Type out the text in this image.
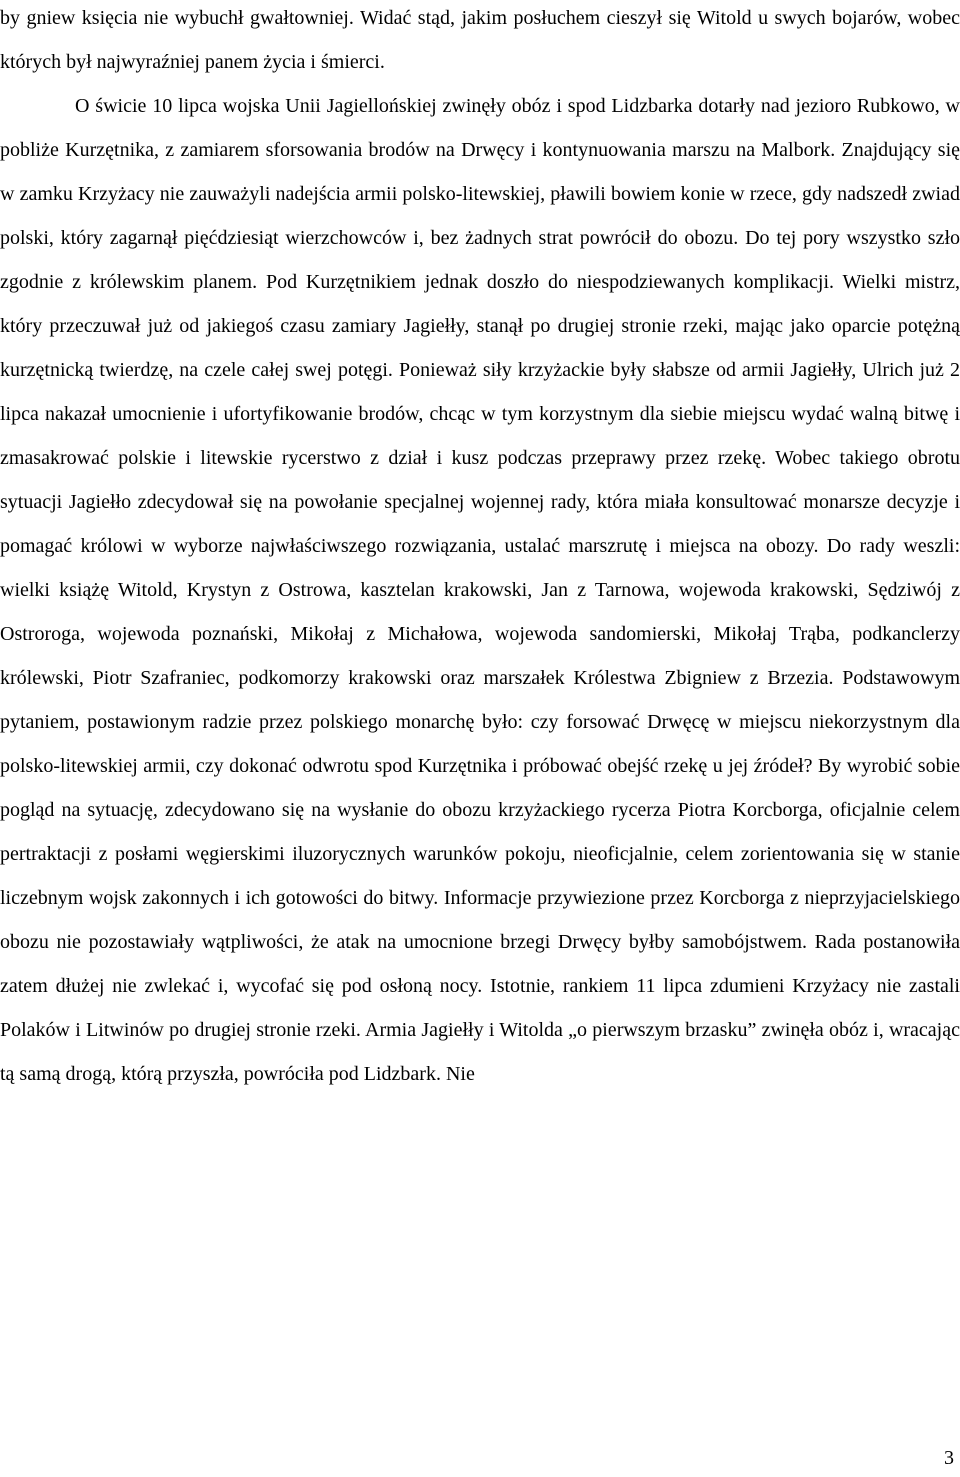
by gniew księcia nie wybuchł gwałtowniej. Widać stąd, jakim posłuchem cieszył się Witold u swych bojarów, wobec których był najwyraźniej panem życia i śmierci.

O świcie 10 lipca wojska Unii Jagiellońskiej zwinęły obóz i spod Lidzbarka dotarły nad jezioro Rubkowo, w pobliże Kurzętnika, z zamiarem sforsowania brodów na Drwęcy i kontynuowania marszu na Malbork. Znajdujący się w zamku Krzyżacy nie zauważyli nadejścia armii polsko-litewskiej, pławili bowiem konie w rzece, gdy nadszedł zwiad polski, który zagarnął pięćdziesiąt wierzchowców i, bez żadnych strat powrócił do obozu. Do tej pory wszystko szło zgodnie z królewskim planem. Pod Kurzętnikiem jednak doszło do niespodziewanych komplikacji. Wielki mistrz, który przeczuwał już od jakiegoś czasu zamiary Jagiełły, stanął po drugiej stronie rzeki, mając jako oparcie potężną kurzętnicką twierdzę, na czele całej swej potęgi. Ponieważ siły krzyżackie były słabsze od armii Jagiełły, Ulrich już 2 lipca nakazał umocnienie i ufortyfikowanie brodów, chcąc w tym korzystnym dla siebie miejscu wydać walną bitwę i zmasakrować polskie i litewskie rycerstwo z dział i kusz podczas przeprawy przez rzekę. Wobec takiego obrotu sytuacji Jagiełło zdecydował się na powołanie specjalnej wojennej rady, która miała konsultować monarsze decyzje i pomagać królowi w wyborze najwłaściwszego rozwiązania, ustalać marszrutę i miejsca na obozy. Do rady weszli: wielki książę Witold, Krystyn z Ostrowa, kasztelan krakowski, Jan z Tarnowa, wojewoda krakowski, Sędziwój z Ostroroga, wojewoda poznański, Mikołaj z Michałowa, wojewoda sandomierski, Mikołaj Trąba, podkanclerzy królewski, Piotr Szafraniec, podkomorzy krakowski oraz marszałek Królestwa Zbigniew z Brzezia. Podstawowym pytaniem, postawionym radzie przez polskiego monarchę było: czy forsować Drwęcę w miejscu niekorzystnym dla polsko-litewskiej armii, czy dokonać odwrotu spod Kurzętnika i próbować obejść rzekę u jej źródeł? By wyrobić sobie pogląd na sytuację, zdecydowano się na wysłanie do obozu krzyżackiego rycerza Piotra Korcborga, oficjalnie celem pertraktacji z posłami węgierskimi iluzorycznych warunków pokoju, nieoficjalnie, celem zorientowania się w stanie liczebnym wojsk zakonnych i ich gotowości do bitwy. Informacje przywiezione przez Korcborga z nieprzyjacielskiego obozu nie pozostawiały wątpliwości, że atak na umocnione brzegi Drwęcy byłby samobójstwem. Rada postanowiła zatem dłużej nie zwlekać i, wycofać się pod osłoną nocy. Istotnie, rankiem 11 lipca zdumieni Krzyżacy nie zastali Polaków i Litwinów po drugiej stronie rzeki. Armia Jagiełły i Witolda „o pierwszym brzasku” zwinęła obóz i, wracając tą samą drogą, którą przyszła, powróciła pod Lidzbark. Nie

3
